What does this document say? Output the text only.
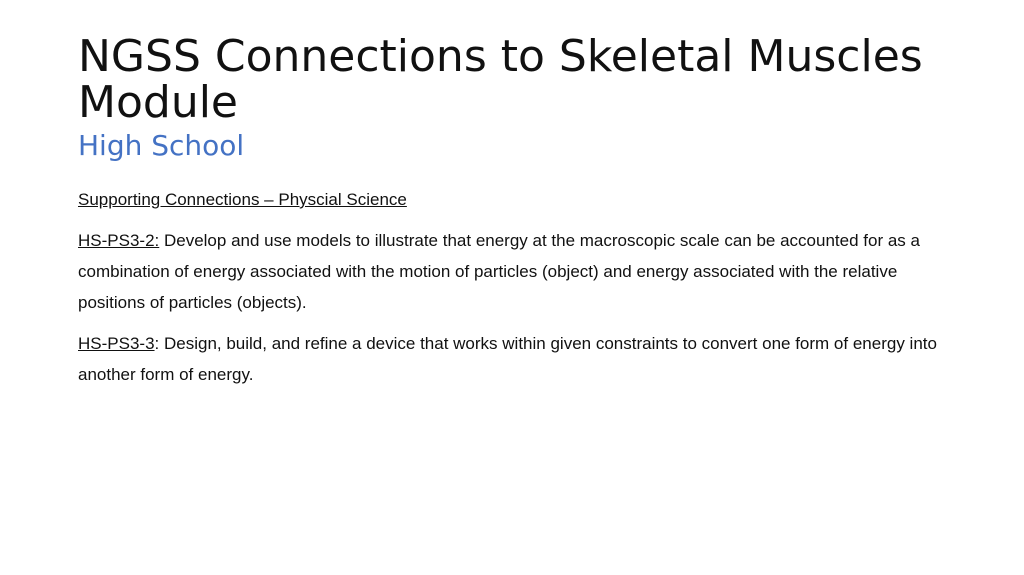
NGSS Connections to Skeletal Muscles Module
High School

Supporting Connections – Physcial Science

HS-PS3-2: Develop and use models to illustrate that energy at the macroscopic scale can be accounted for as a combination of energy associated with the motion of particles (object) and energy associated with the relative positions of particles (objects).

HS-PS3-3: Design, build, and refine a device that works within given constraints to convert one form of energy into another form of energy.
